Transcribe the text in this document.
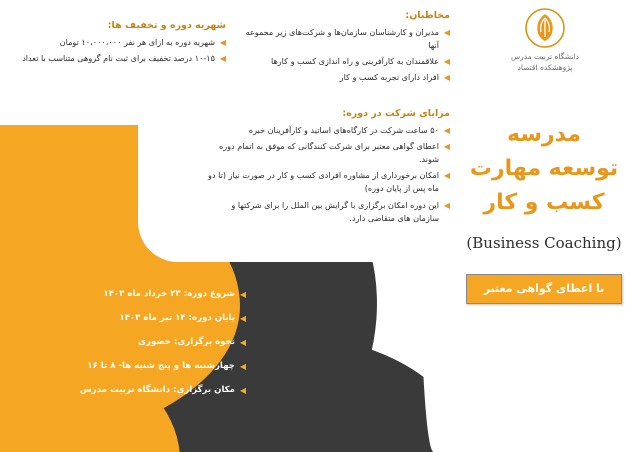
دانشگاه تربیت مدرس
پژوهشکده اقتصاد
مدرسه
توسعه مهارت
کسب و کار
(Business Coaching)
با اعطای گواهی معتبر
شهریه دوره و تخفیف ها:
◀
شهریه دوره به ازای هر نفر ۱۰،۰۰۰،۰۰۰ تومان
◀
۱۰-۱۵ درصد تخفیف برای ثبت نام گروهی متناسب با تعداد
مخاطبان:
◀
مدیران و کارشناسان سازمان‌ها و شرکت‌های زیر مجموعه آنها
◀
علاقمندان به کارآفرینی و راه اندازی کسب و کارها
◀
افراد دارای تجربه کسب و کار
مزایای شرکت در دوره:
◀
۵۰ ساعت شرکت در کارگاه‌های اساتید و کارآفرینان خبره
◀
اعطای گواهی معتبر برای شرکت کنندگانی که موفق به اتمام دوره شوند.
◀
امکان برخورداری از مشاوره افرادی کسب و کار در صورت نیاز (تا دو ماه پس از پایان دوره)
◀
این دوره امکان برگزاری با گرایش بین الملل را برای شرکتها و سازمان های متقاضی دارد.
◀
شروع دوره: ۲۳ خرداد ماه ۱۴۰۳
◀
پایان دوره: ۱۴ تیر ماه ۱۴۰۳
◀
نحوه برگزاری: حضوری
◀
چهارشنبه ها و پنج شنبه ها- ۸ تا ۱۶
◀
مکان برگزاری: دانشگاه تربیت مدرس
